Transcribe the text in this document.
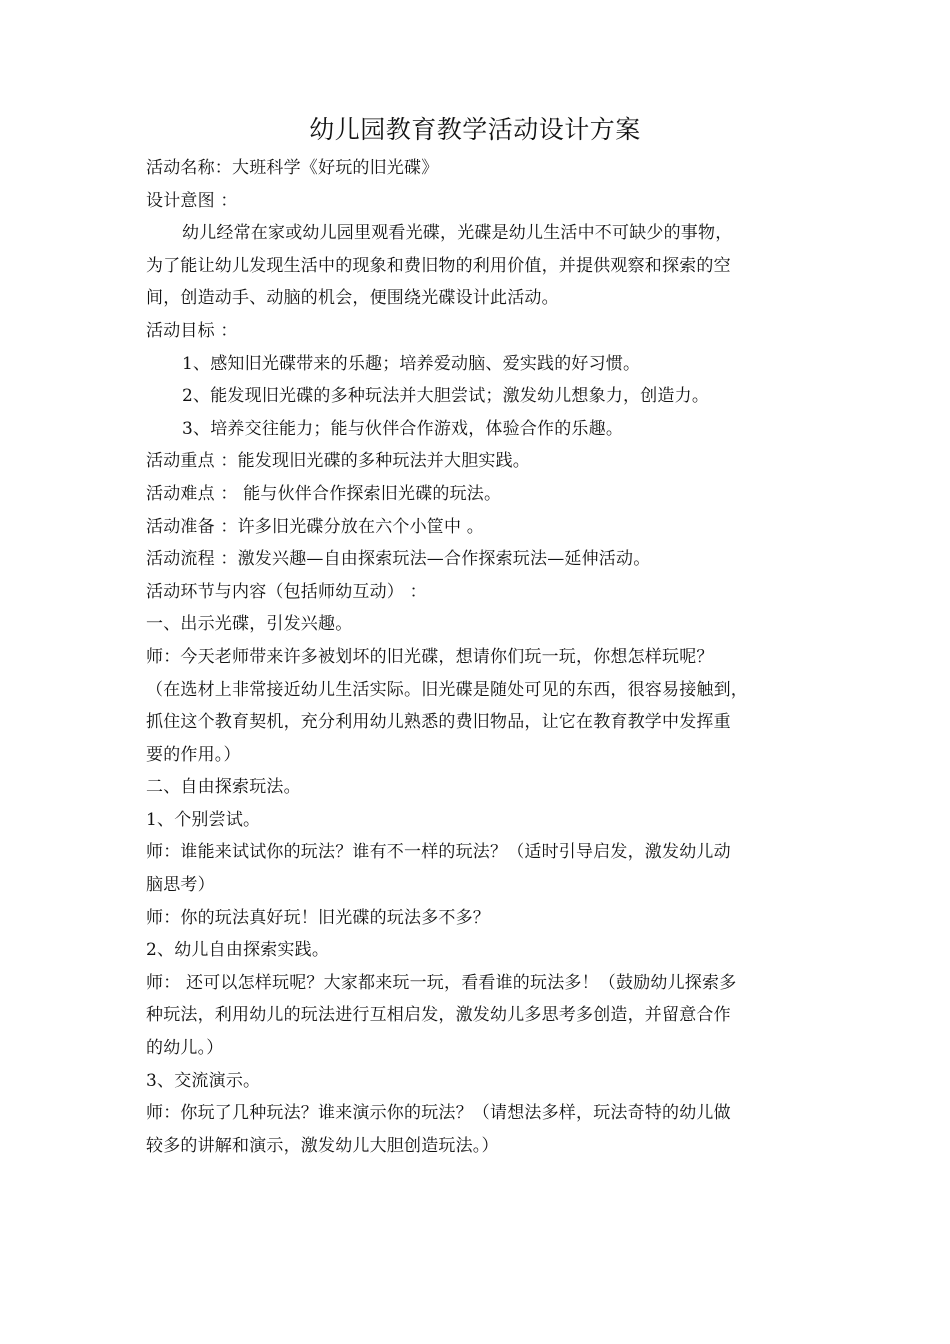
幼儿园教育教学活动设计方案
活动名称：大班科学《好玩的旧光碟》
设计意图 ：
幼儿经常在家或幼儿园里观看光碟，光碟是幼儿生活中不可缺少的事物，
为了能让幼儿发现生活中的现象和费旧物的利用价值，并提供观察和探索的空
间，创造动手、动脑的机会，便围绕光碟设计此活动。
活动目标 ：
1、感知旧光碟带来的乐趣；培养爱动脑、爱实践的好习惯。
2、能发现旧光碟的多种玩法并大胆尝试；激发幼儿想象力，创造力。
3、培养交往能力；能与伙伴合作游戏，体验合作的乐趣。
活动重点 ：能发现旧光碟的多种玩法并大胆实践。
活动难点 ： 能与伙伴合作探索旧光碟的玩法。
活动准备 ：许多旧光碟分放在六个小筐中 。
活动流程 ：激发兴趣—自由探索玩法—合作探索玩法—延伸活动。
活动环节与内容（包括师幼互动） ：
一、出示光碟，引发兴趣。
师：今天老师带来许多被划坏的旧光碟，想请你们玩一玩，你想怎样玩呢？
（在选材上非常接近幼儿生活实际。旧光碟是随处可见的东西，很容易接触到，
抓住这个教育契机，充分利用幼儿熟悉的费旧物品，让它在教育教学中发挥重
要的作用。）
二、自由探索玩法。
1、个别尝试。
师：谁能来试试你的玩法？谁有不一样的玩法？（适时引导启发，激发幼儿动
脑思考）
师：你的玩法真好玩！旧光碟的玩法多不多？
2、幼儿自由探索实践。
师： 还可以怎样玩呢？大家都来玩一玩，看看谁的玩法多！（鼓励幼儿探索多
种玩法，利用幼儿的玩法进行互相启发，激发幼儿多思考多创造，并留意合作
的幼儿。）
3、交流演示。
师：你玩了几种玩法？谁来演示你的玩法？（请想法多样，玩法奇特的幼儿做
较多的讲解和演示，激发幼儿大胆创造玩法。）
